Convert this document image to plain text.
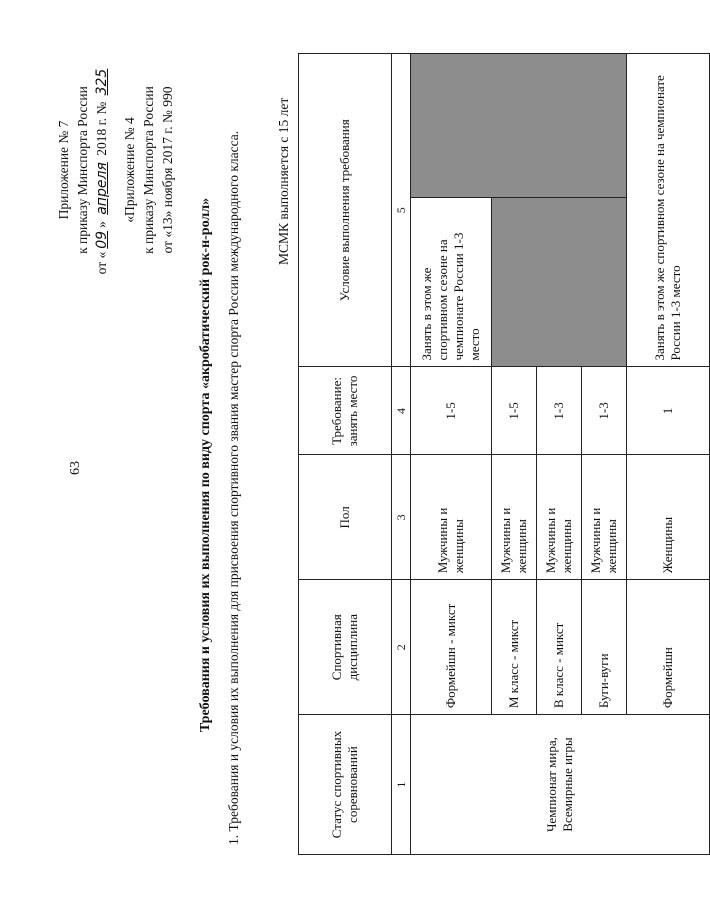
63
Приложение № 7 к приказу Минспорта России
от «09» апреля 2018 г. № 325
«Приложение № 4 к приказу Минспорта России от «13» ноября 2017 г. № 990
Требования и условия их выполнения по виду спорта «акробатический рок-н-ролл» 1. Требования и условия их выполнения для присвоения спортивного звания мастер спорта России международного класса.	МСМК выполняется с 15 лет
Статус спортивных соревнований	Спортивная дисциплина	Пол	Требование: занять место	Условие выполнения требования	
1	2	3	4	5	
Чемпионат мира, Всемирные игры	Формейшн - микст	Мужчины и женщины	1-5	Занять в этом же спортивном сезоне на чемпионате России 1-3 место	
	М класс - микст	Мужчины и женщины	1-5		
	В класс - микст	Мужчины и женщины	1-3		
	Буги-вуги	Мужчины и женщины	1-3		
	Формейшн	Женщины	1	Занять в этом же спортивном сезоне на чемпионате России 1-3 место	
